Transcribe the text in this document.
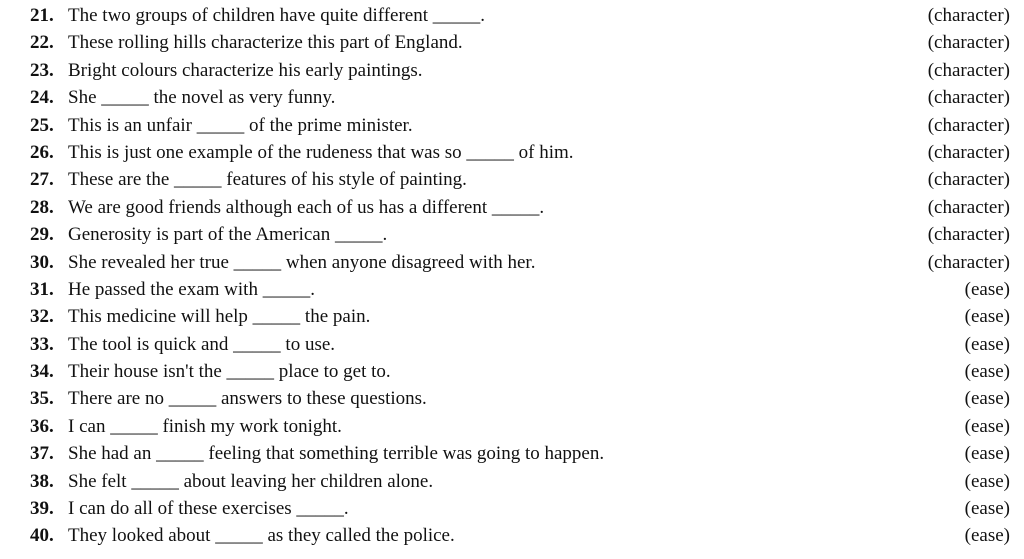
21. The two groups of children have quite different _____.	(character)
22. These rolling hills characterize this part of England.	(character)
23. Bright colours characterize his early paintings.	(character)
24. She _____ the novel as very funny.	(character)
25. This is an unfair _____ of the prime minister.	(character)
26. This is just one example of the rudeness that was so _____ of him.	(character)
27. These are the _____ features of his style of painting.	(character)
28. We are good friends although each of us has a different _____.	(character)
29. Generosity is part of the American _____.	(character)
30. She revealed her true _____ when anyone disagreed with her.	(character)
31. He passed the exam with _____.	(ease)
32. This medicine will help _____ the pain.	(ease)
33. The tool is quick and _____ to use.	(ease)
34. Their house isn't the _____ place to get to.	(ease)
35. There are no _____ answers to these questions.	(ease)
36. I can _____ finish my work tonight.	(ease)
37. She had an _____ feeling that something terrible was going to happen.	(ease)
38. She felt _____ about leaving her children alone.	(ease)
39. I can do all of these exercises _____.	(ease)
40. They looked about _____ as they called the police.	(ease)
